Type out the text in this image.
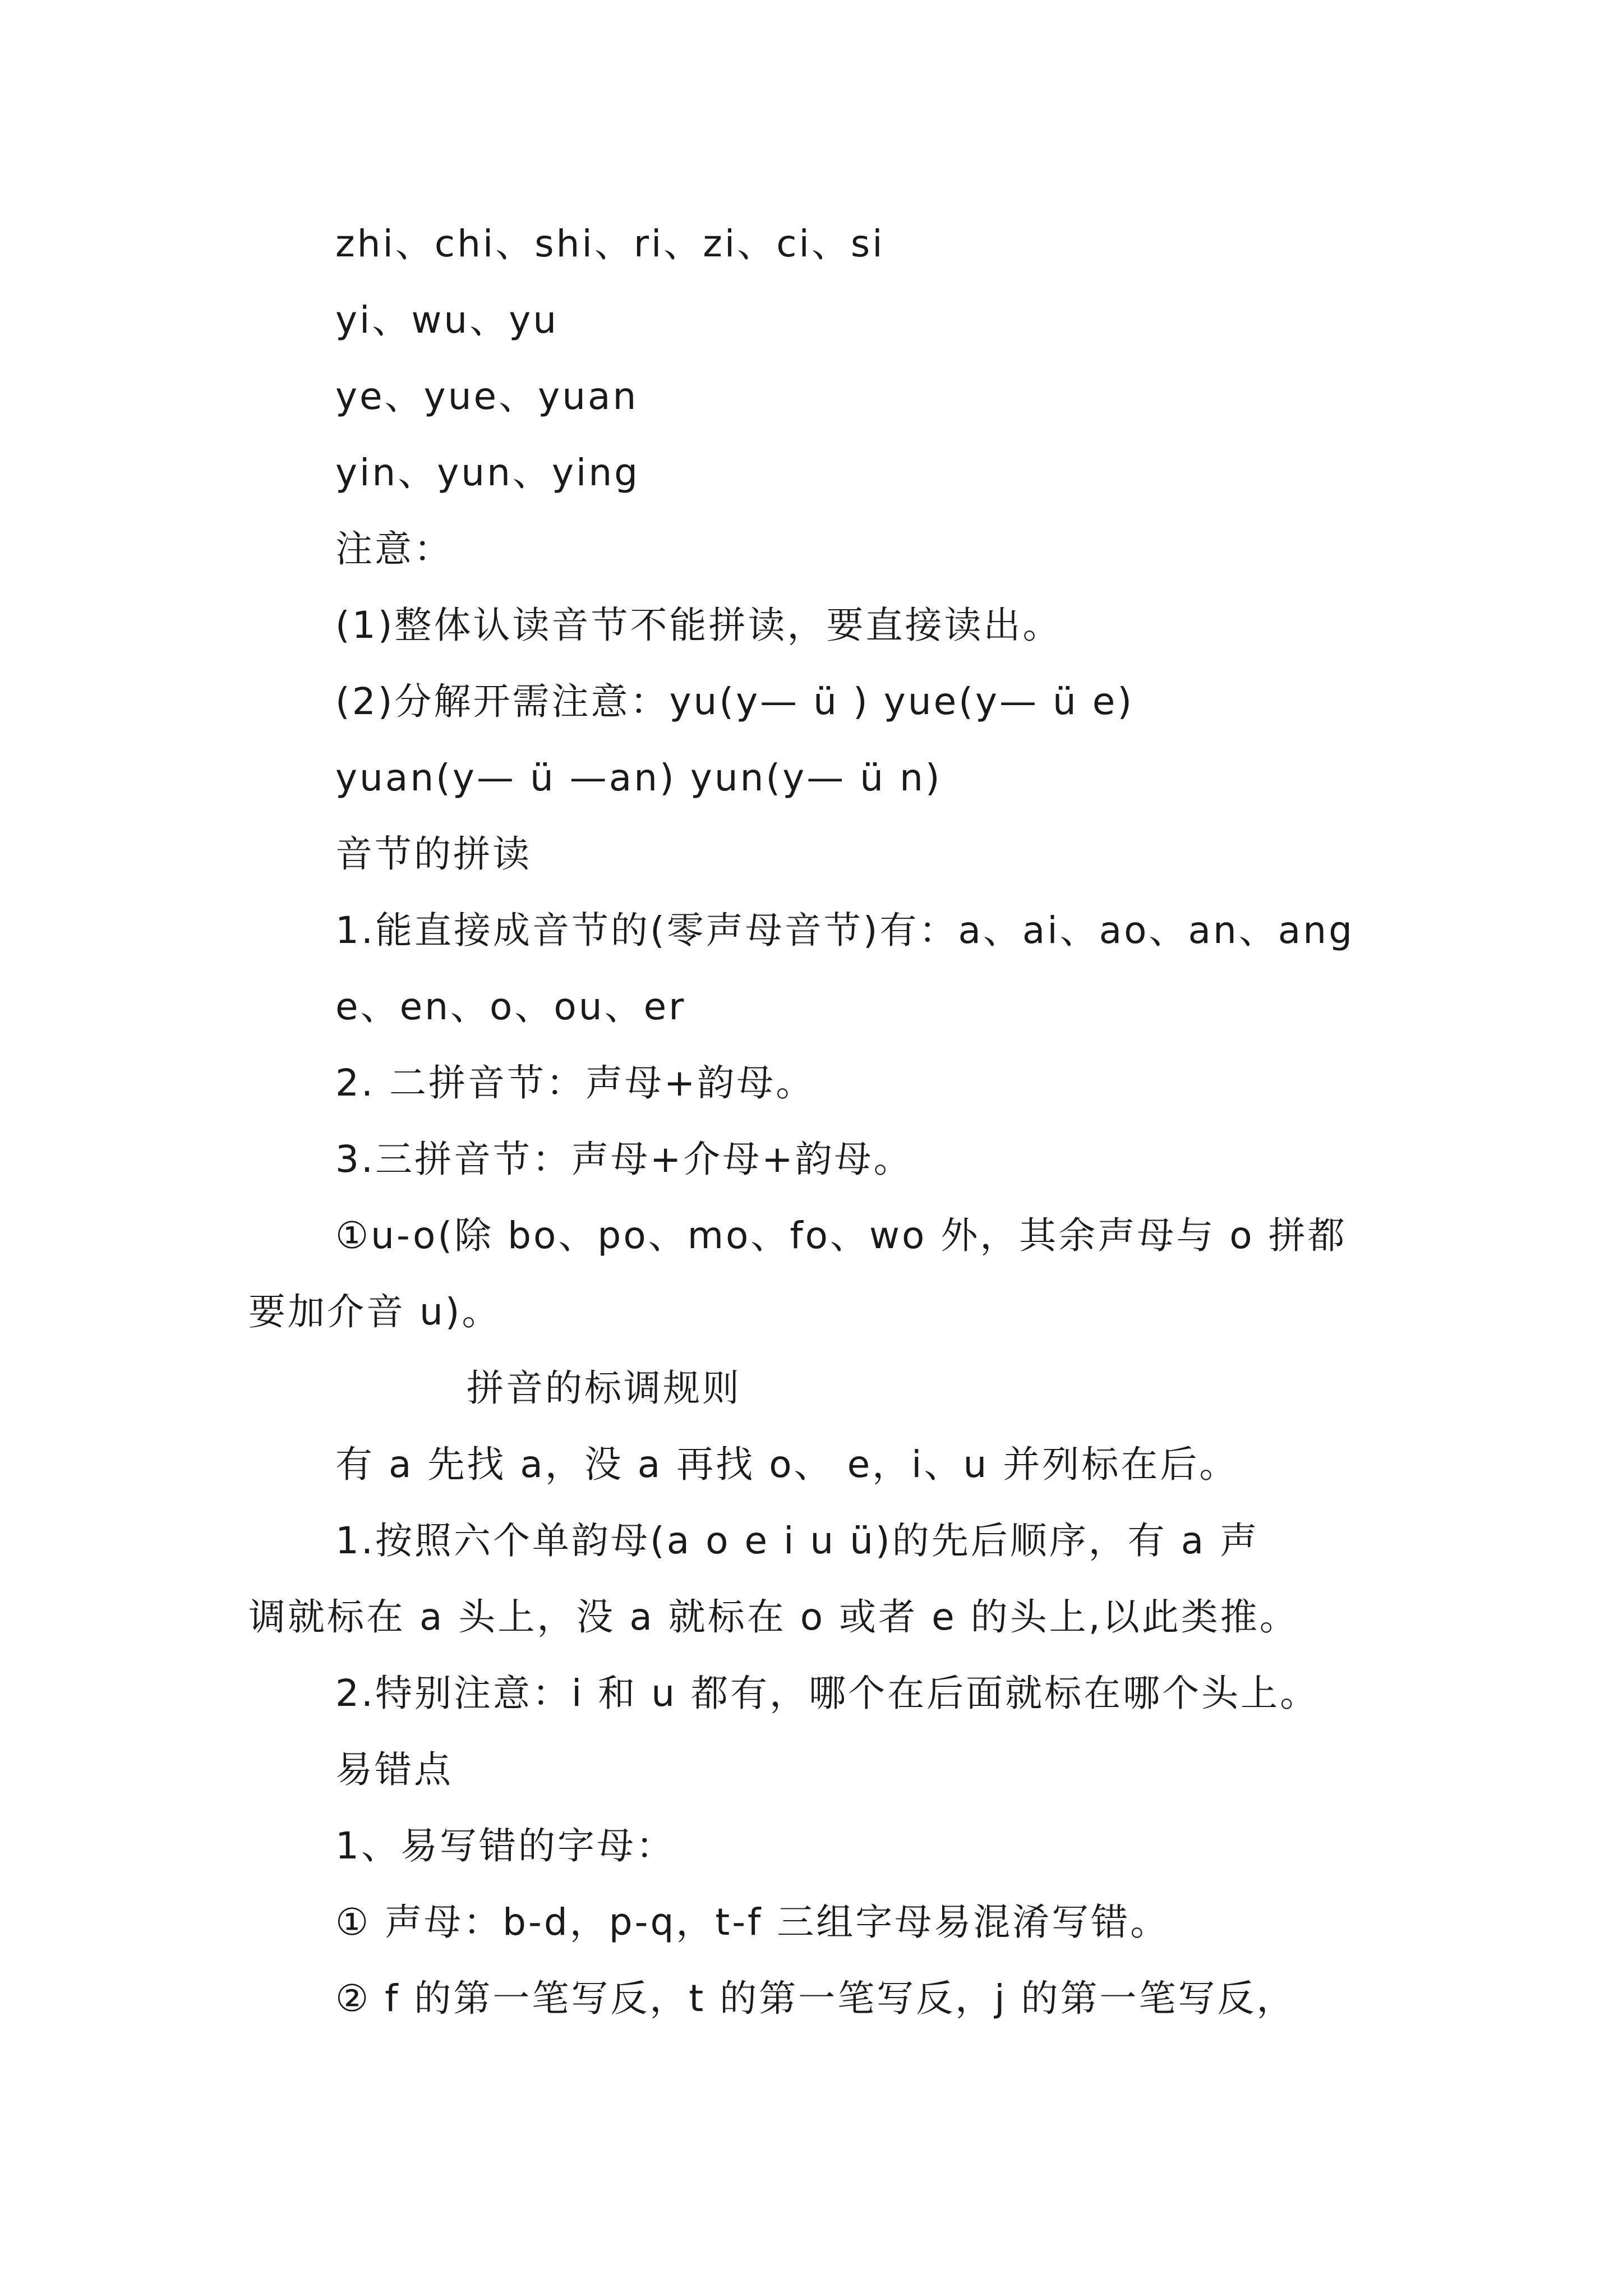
zhi、chi、shi、ri、zi、ci、si
yi、wu、yu
ye、yue、yuan
yin、yun、ying
注意：
(1)整体认读音节不能拼读，要直接读出。
(2)分解开需注意：yu(y— ü ) yue(y— ü e)
yuan(y— ü —an) yun(y— ü n)
音节的拼读
1.能直接成音节的(零声母音节)有：a、ai、ao、an、ang
e、en、o、ou、er
2. 二拼音节：声母+韵母。
3.三拼音节：声母+介母+韵母。
①u-o(除 bo、po、mo、fo、wo 外，其余声母与 o 拼都
要加介音 u)。
拼音的标调规则
有 a 先找 a，没 a 再找 o、 e，i、u 并列标在后。
1.按照六个单韵母(a o e i u ü)的先后顺序，有 a 声
调就标在 a 头上，没 a 就标在 o 或者 e 的头上,以此类推。
2.特别注意：i 和 u 都有，哪个在后面就标在哪个头上。
易错点
1、易写错的字母：
① 声母：b-d，p-q，t-f 三组字母易混淆写错。
② f 的第一笔写反，t 的第一笔写反，j 的第一笔写反，
